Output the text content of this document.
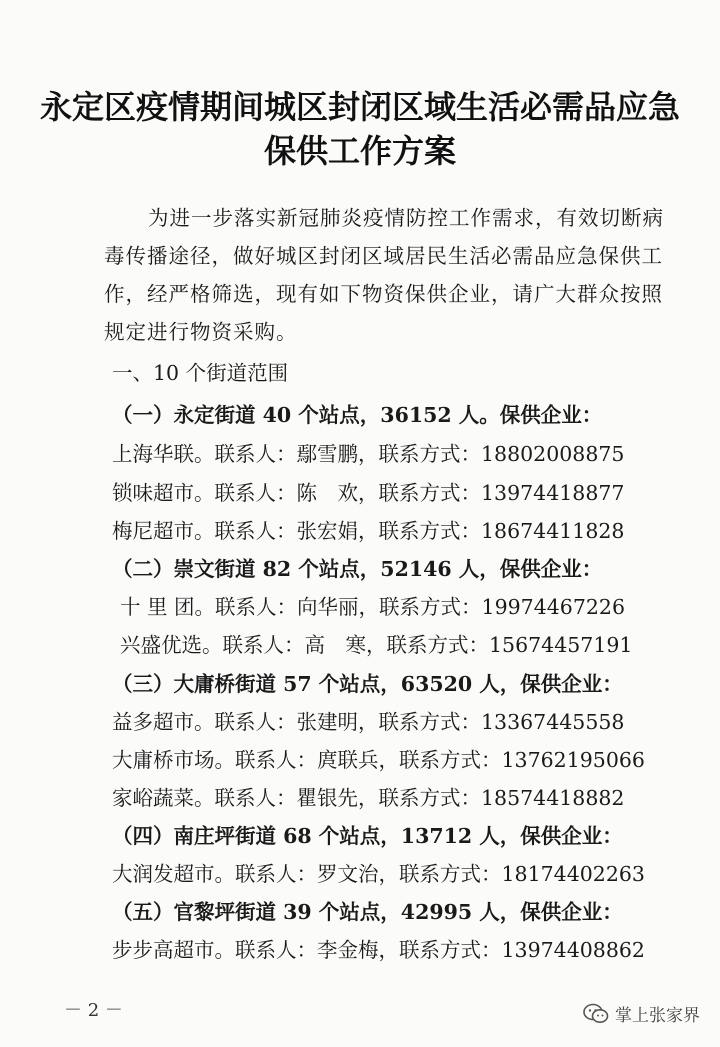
永定区疫情期间城区封闭区域生活必需品应急
保供工作方案
为进一步落实新冠肺炎疫情防控工作需求，有效切断病毒传播途径，做好城区封闭区域居民生活必需品应急保供工作，经严格筛选，现有如下物资保供企业，请广大群众按照规定进行物资采购。
一、10 个街道范围
（一）永定街道 40 个站点，36152 人。保供企业：
上海华联。联系人：鄢雪鹏，联系方式：18802008875
锁味超市。联系人：陈　欢，联系方式：13974418877
梅尼超市。联系人：张宏娟，联系方式：18674411828
（二）崇文街道 82 个站点，52146 人，保供企业：
十 里 团。联系人：向华丽，联系方式：19974467226
兴盛优选。联系人：高　寒，联系方式：15674457191
（三）大庸桥街道 57 个站点，63520 人，保供企业：
益多超市。联系人：张建明，联系方式：13367445558
大庸桥市场。联系人：庹联兵，联系方式：13762195066
家峪蔬菜。联系人：瞿银先，联系方式：18574418882
（四）南庄坪街道 68 个站点，13712 人，保供企业：
大润发超市。联系人：罗文治，联系方式：18174402263
（五）官黎坪街道 39 个站点，42995 人，保供企业：
步步高超市。联系人：李金梅，联系方式：13974408862
－ 2 －	掌上张家界
